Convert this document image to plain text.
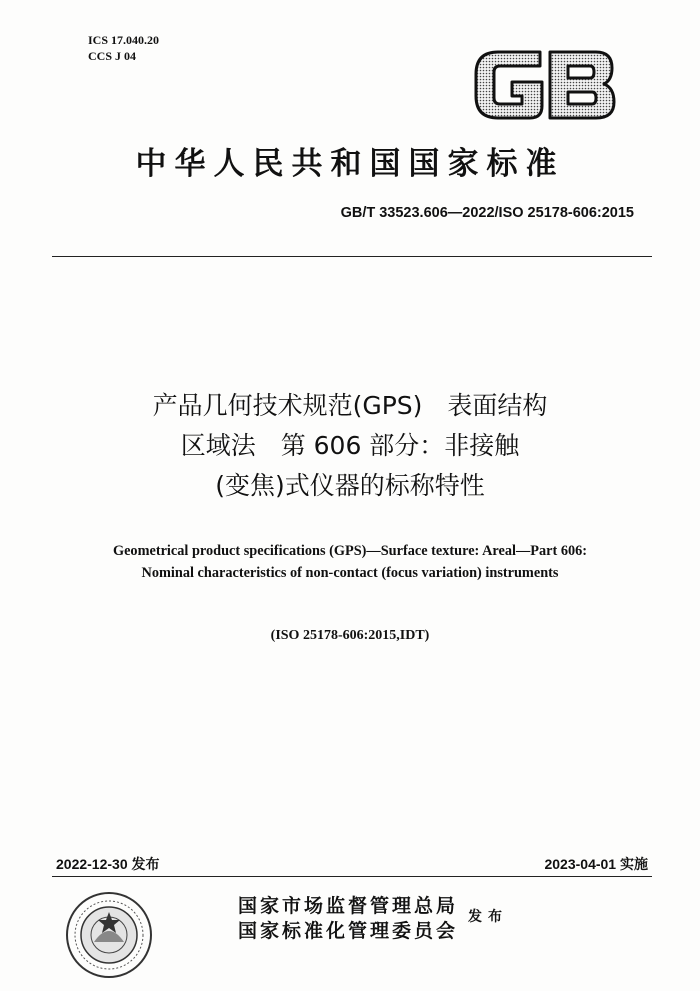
ICS 17.040.20
CCS J 04
中华人民共和国国家标准
GB/T 33523.606—2022/ISO 25178-606:2015
产品几何技术规范(GPS)　表面结构
区域法　第 606 部分：非接触
(变焦)式仪器的标称特性
Geometrical product specifications (GPS)—Surface texture: Areal—Part 606:
Nominal characteristics of non-contact (focus variation) instruments
(ISO 25178-606:2015,IDT)
2022-12-30 发布	2023-04-01 实施
国家市场监督管理总局
国家标准化管理委员会
发布
